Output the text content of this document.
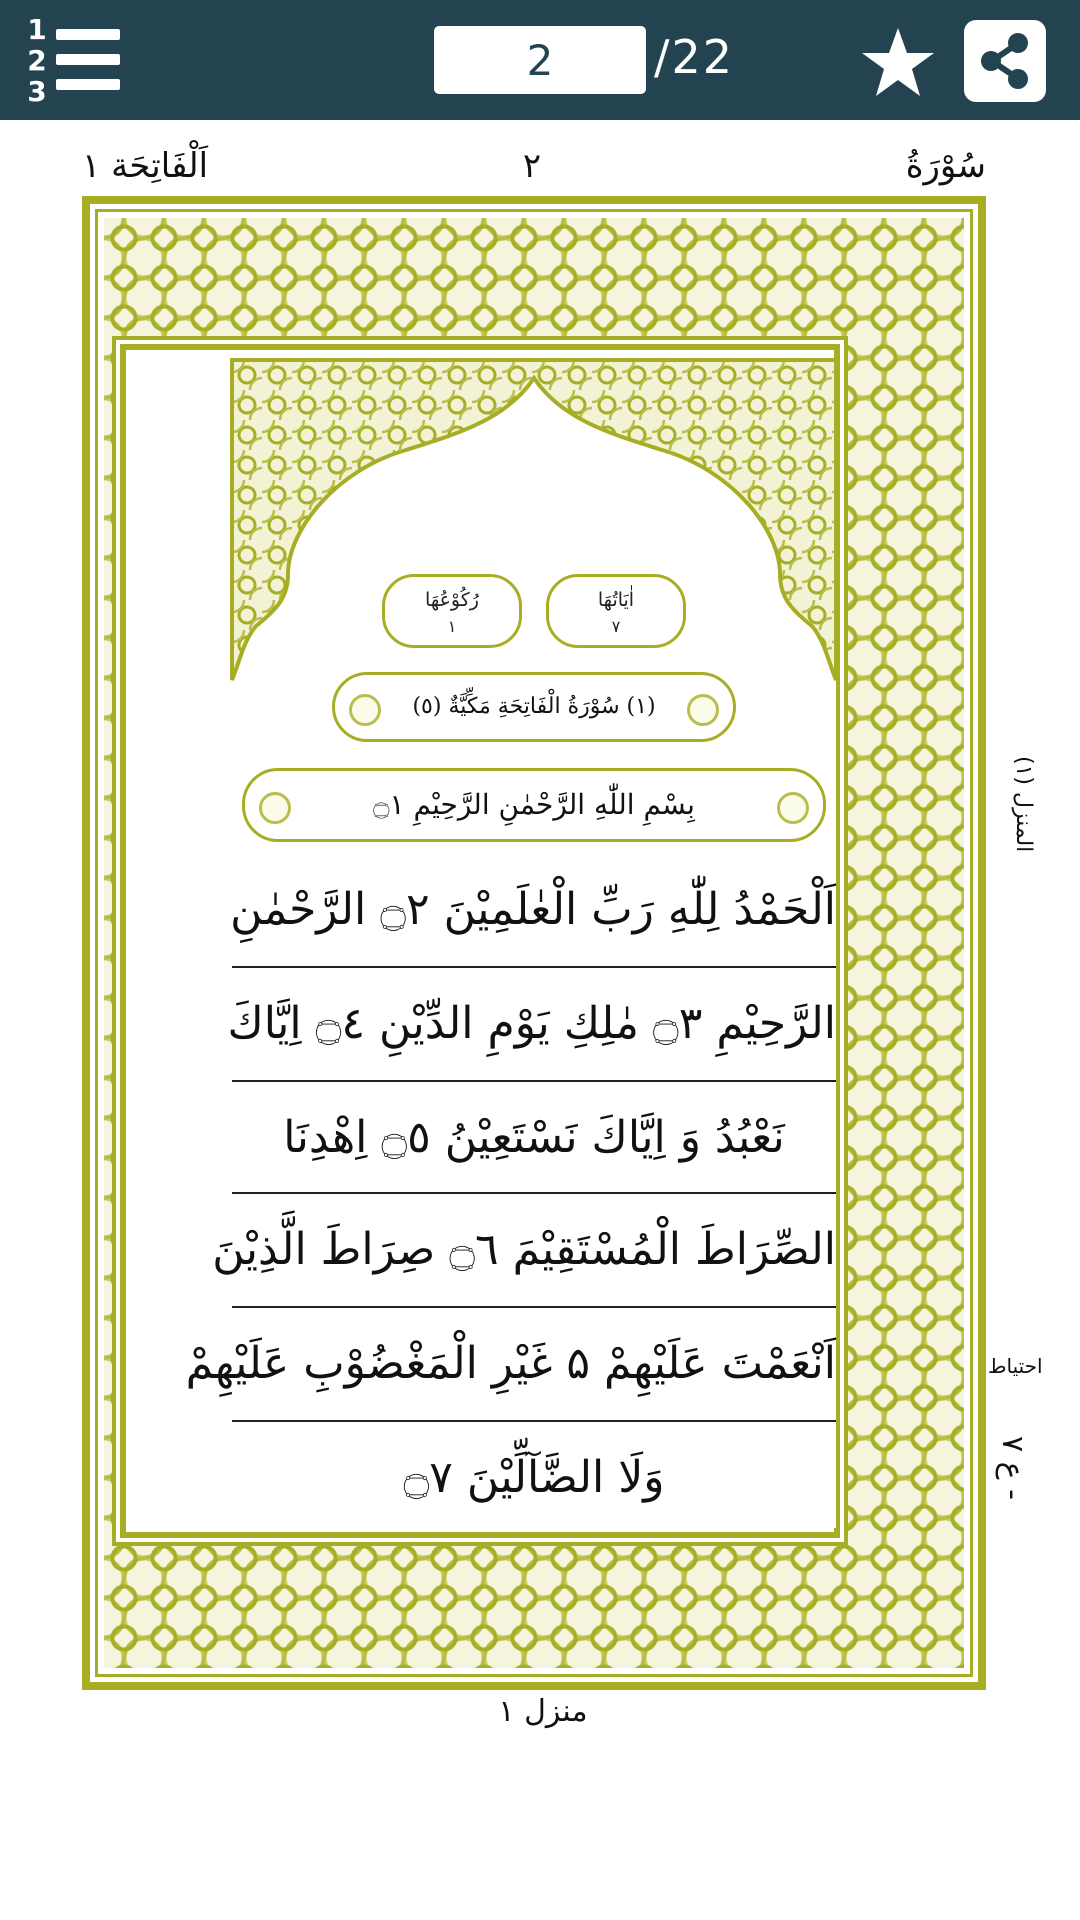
1
2
3
2
/22
سُوْرَةُ
٢
اَلْفَاتِحَة ١
اٰيَاتُهَا
٧
رُكُوْعُهَا
١
(١) سُوْرَةُ الْفَاتِحَةِ مَكِّيَّةٌ (٥)
بِسْمِ اللّٰهِ الرَّحْمٰنِ الرَّحِيْمِ ۝١
اَلْحَمْدُ لِلّٰهِ رَبِّ الْعٰلَمِيْنَ ۝٢ الرَّحْمٰنِ
الرَّحِيْمِ ۝٣ مٰلِكِ يَوْمِ الدِّيْنِ ۝٤ اِيَّاكَ
نَعْبُدُ وَ اِيَّاكَ نَسْتَعِيْنُ ۝٥ اِهْدِنَا
الصِّرَاطَ الْمُسْتَقِيْمَ ۝٦ صِرَاطَ الَّذِيْنَ
اَنْعَمْتَ عَلَيْهِمْ ۵ غَيْرِ الْمَغْضُوْبِ عَلَيْهِمْ
وَلَا الضَّآلِّيْنَ ۝٧
المنزل (١)
احتياط
ع ٧ -
منزل ١
